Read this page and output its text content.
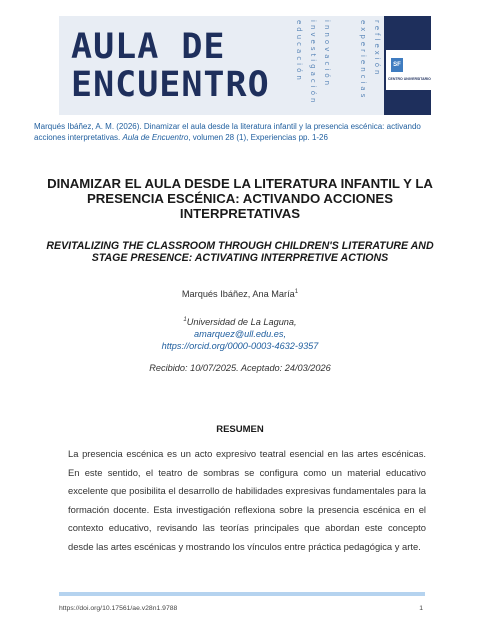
AULA DE
ENCUENTRO
educación investigación innovación	experiencias reflexión	SF
CENTRO UNIVERSITARIO

Marqués Ibáñez, A. M. (2026). Dinamizar el aula desde la literatura infantil y la presencia escénica: activando acciones interpretativas. Aula de Encuentro, volumen 28 (1), Experiencias pp. 1-26

DINAMIZAR EL AULA DESDE LA LITERATURA INFANTIL Y LA PRESENCIA ESCÉNICA: ACTIVANDO ACCIONES INTERPRETATIVAS
REVITALIZING THE CLASSROOM THROUGH CHILDREN'S LITERATURE AND STAGE PRESENCE: ACTIVATING INTERPRETIVE ACTIONS

Marqués Ibáñez, Ana María$^1$

$^1$Universidad de La Laguna,
amarquez@ull.edu.es,
https://orcid.org/0000-0003-4632-9357

Recibido: 10/07/2025. Aceptado: 24/03/2026

RESUMEN

La presencia escénica es un acto expresivo teatral esencial en las artes escénicas. En este sentido, el teatro de sombras se configura como un material educativo excelente que posibilita el desarrollo de habilidades expresivas fundamentales para la formación docente. Esta investigación reflexiona sobre la presencia escénica en el contexto educativo, revisando las teorías principales que abordan este concepto desde las artes escénicas y mostrando los vínculos entre práctica pedagógica y arte.

https://doi.org/10.17561/ae.v28n1.9788	1
